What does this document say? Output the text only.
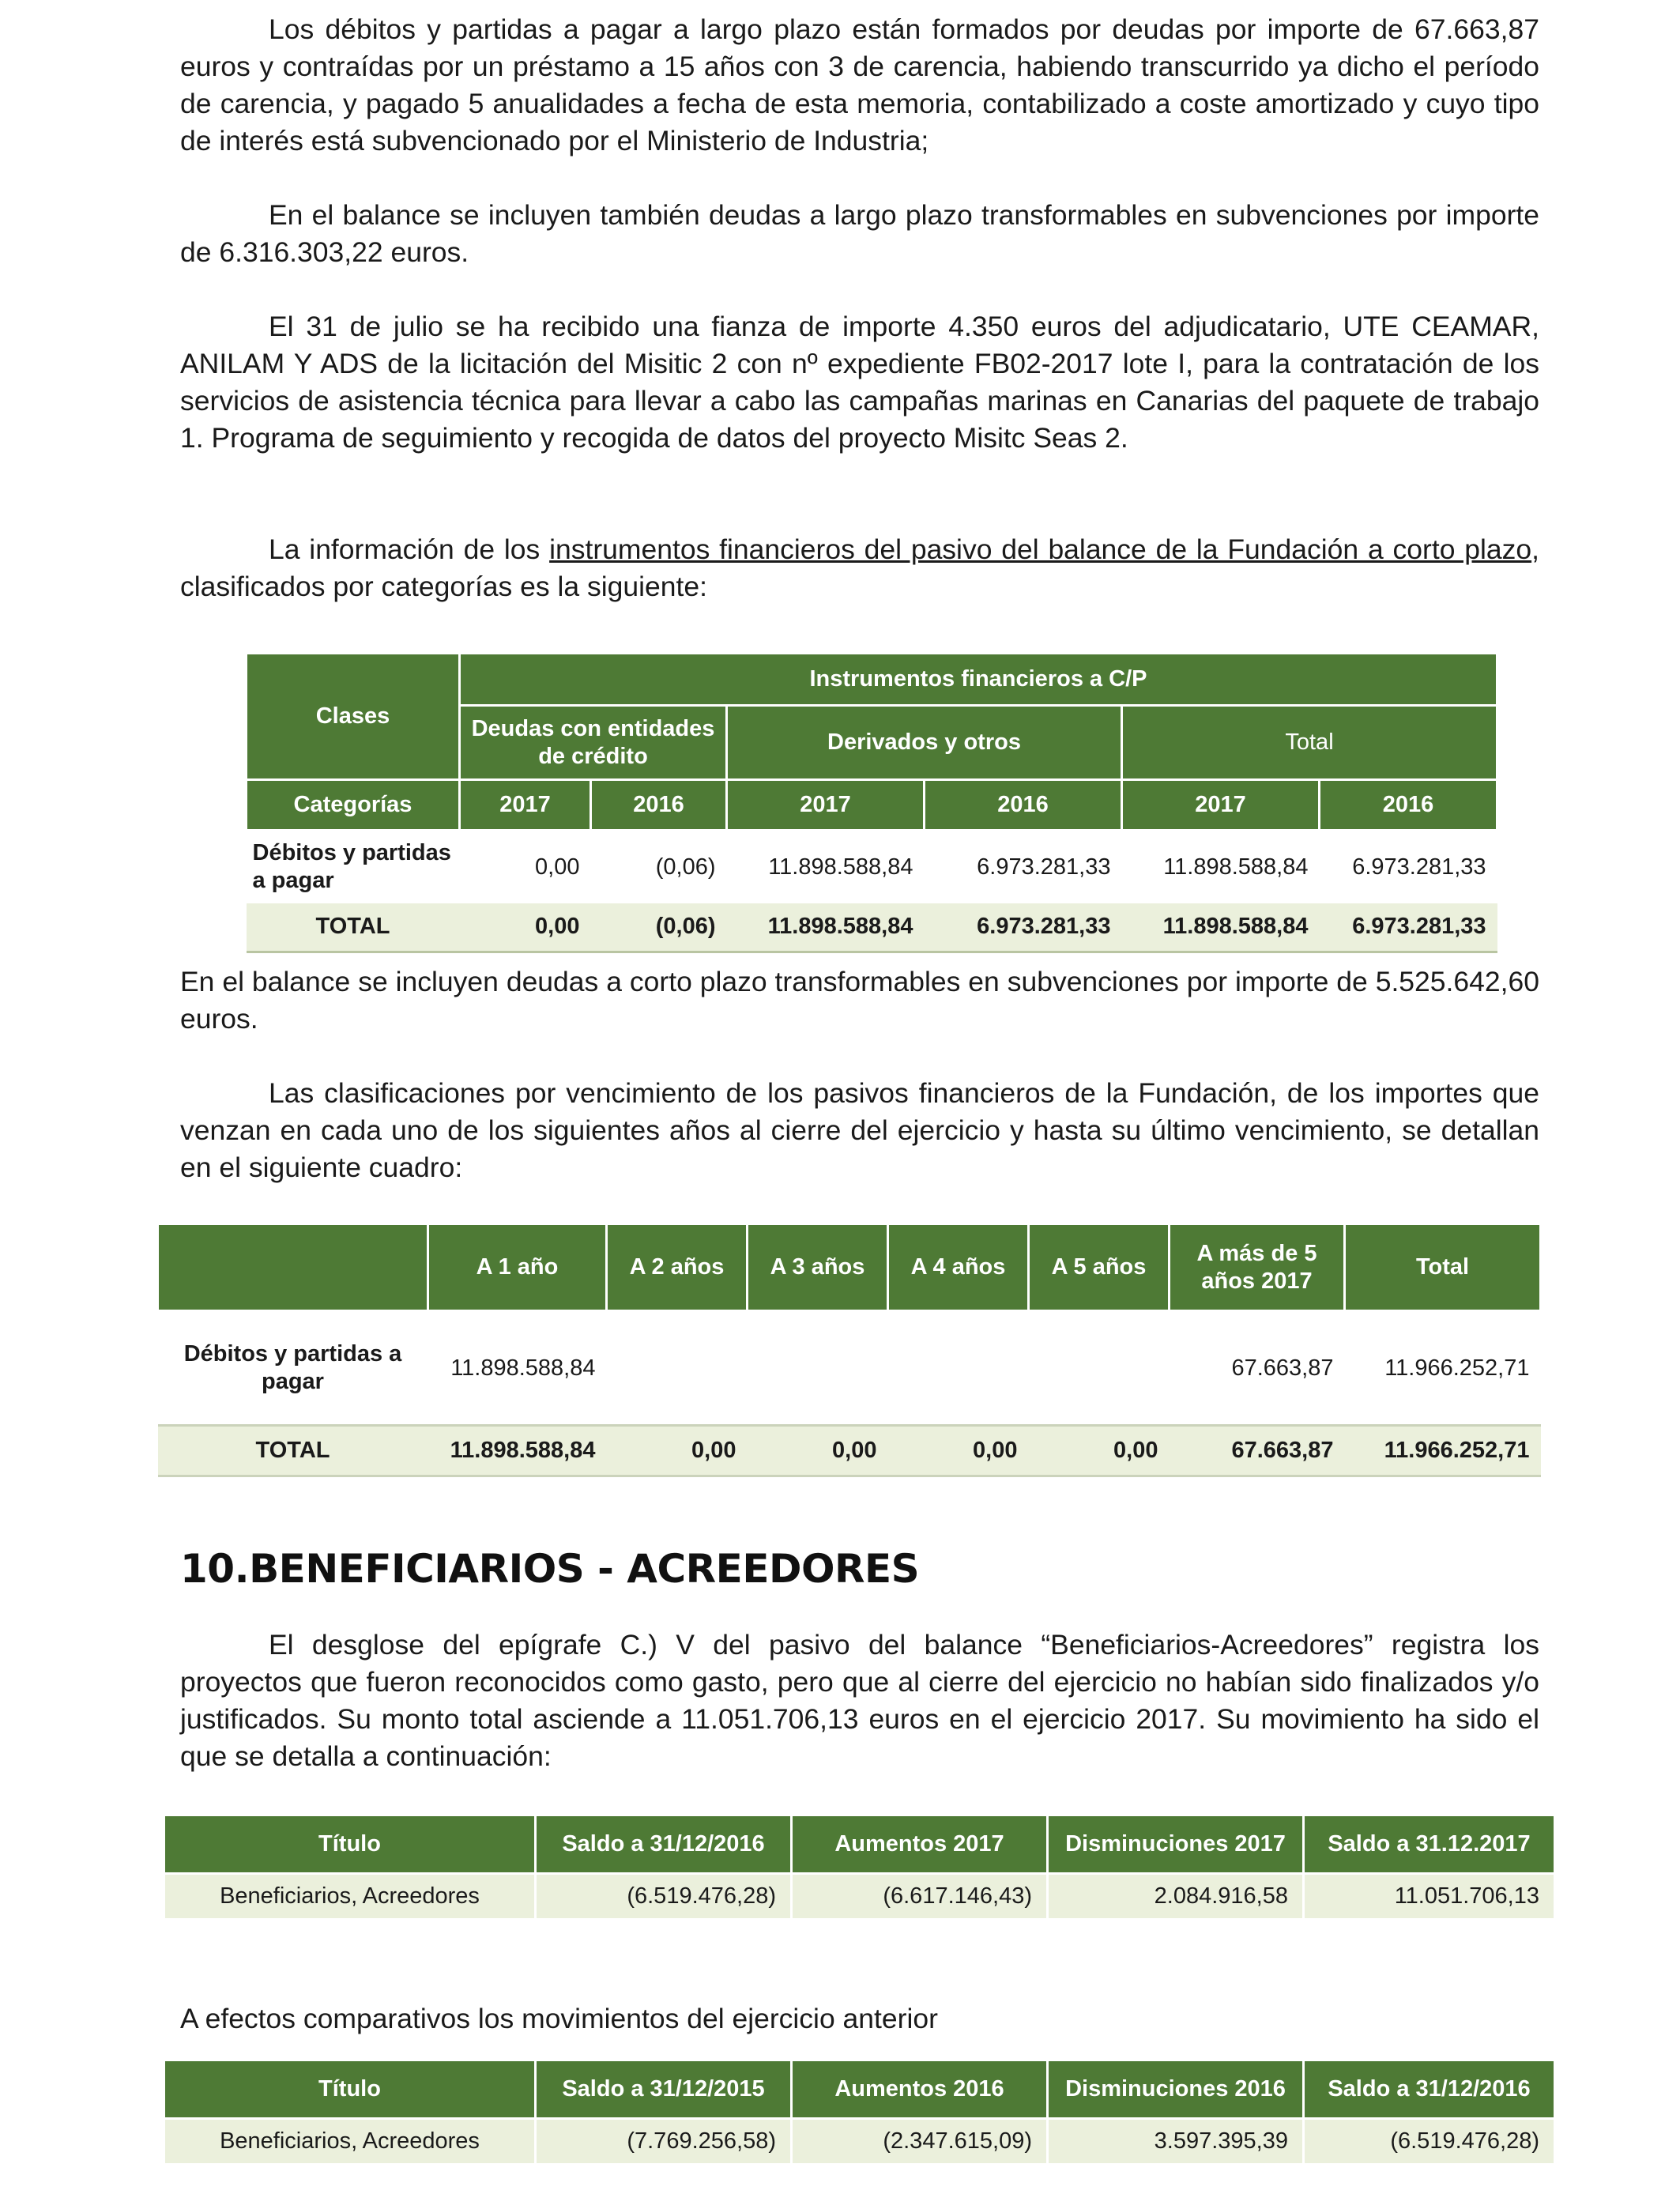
Los débitos y partidas a pagar a largo plazo están formados por deudas por importe de 67.663,87 euros y contraídas por un préstamo a 15 años con 3 de carencia, habiendo transcurrido ya dicho el período de carencia, y pagado 5 anualidades a fecha de esta memoria, contabilizado a coste amortizado y cuyo tipo de interés está subvencionado por el Ministerio de Industria;

En el balance se incluyen también deudas a largo plazo transformables en subvenciones por importe de 6.316.303,22 euros.

El 31 de julio se ha recibido una fianza de importe 4.350 euros del adjudicatario, UTE CEAMAR, ANILAM Y ADS de la licitación del Misitic 2 con nº expediente FB02-2017 lote I, para la contratación de los servicios de asistencia técnica para llevar a cabo las campañas marinas en Canarias del paquete de trabajo 1. Programa de seguimiento y recogida de datos del proyecto Misitc Seas 2.

La información de los instrumentos financieros del pasivo del balance de la Fundación a corto plazo, clasificados por categorías es la siguiente:

Clases	Instrumentos financieros a C/P					
	Deudas con entidades de crédito		Derivados y otros		Total	
Categorías	2017	2016	2017	2016	2017	2016
Débitos y partidas a pagar	0,00	(0,06)	11.898.588,84	6.973.281,33	11.898.588,84	6.973.281,33
TOTAL	0,00	(0,06)	11.898.588,84	6.973.281,33	11.898.588,84	6.973.281,33

En el balance se incluyen deudas a corto plazo transformables en subvenciones por importe de 5.525.642,60 euros.

Las clasificaciones por vencimiento de los pasivos financieros de la Fundación, de los importes que venzan en cada uno de los siguientes años al cierre del ejercicio y hasta su último vencimiento, se detallan en el siguiente cuadro:

	A 1 año	A 2 años	A 3 años	A 4 años	A 5 años	A más de 5 años 2017	Total
Débitos y partidas a pagar	11.898.588,84					67.663,87	11.966.252,71
TOTAL	11.898.588,84	0,00	0,00	0,00	0,00	67.663,87	11.966.252,71
10.BENEFICIARIOS - ACREEDORES

El desglose del epígrafe C.) V del pasivo del balance “Beneficiarios-Acreedores” registra los proyectos que fueron reconocidos como gasto, pero que al cierre del ejercicio no habían sido finalizados y/o justificados. Su monto total asciende a 11.051.706,13 euros en el ejercicio 2017. Su movimiento ha sido el que se detalla a continuación:

Título	Saldo a 31/12/2016	Aumentos 2017	Disminuciones 2017	Saldo a 31.12.2017
Beneficiarios, Acreedores	(6.519.476,28)	(6.617.146,43)	2.084.916,58	11.051.706,13

A efectos comparativos los movimientos del ejercicio anterior

Título	Saldo a 31/12/2015	Aumentos 2016	Disminuciones 2016	Saldo a 31/12/2016
Beneficiarios, Acreedores	(7.769.256,58)	(2.347.615,09)	3.597.395,39	(6.519.476,28)
